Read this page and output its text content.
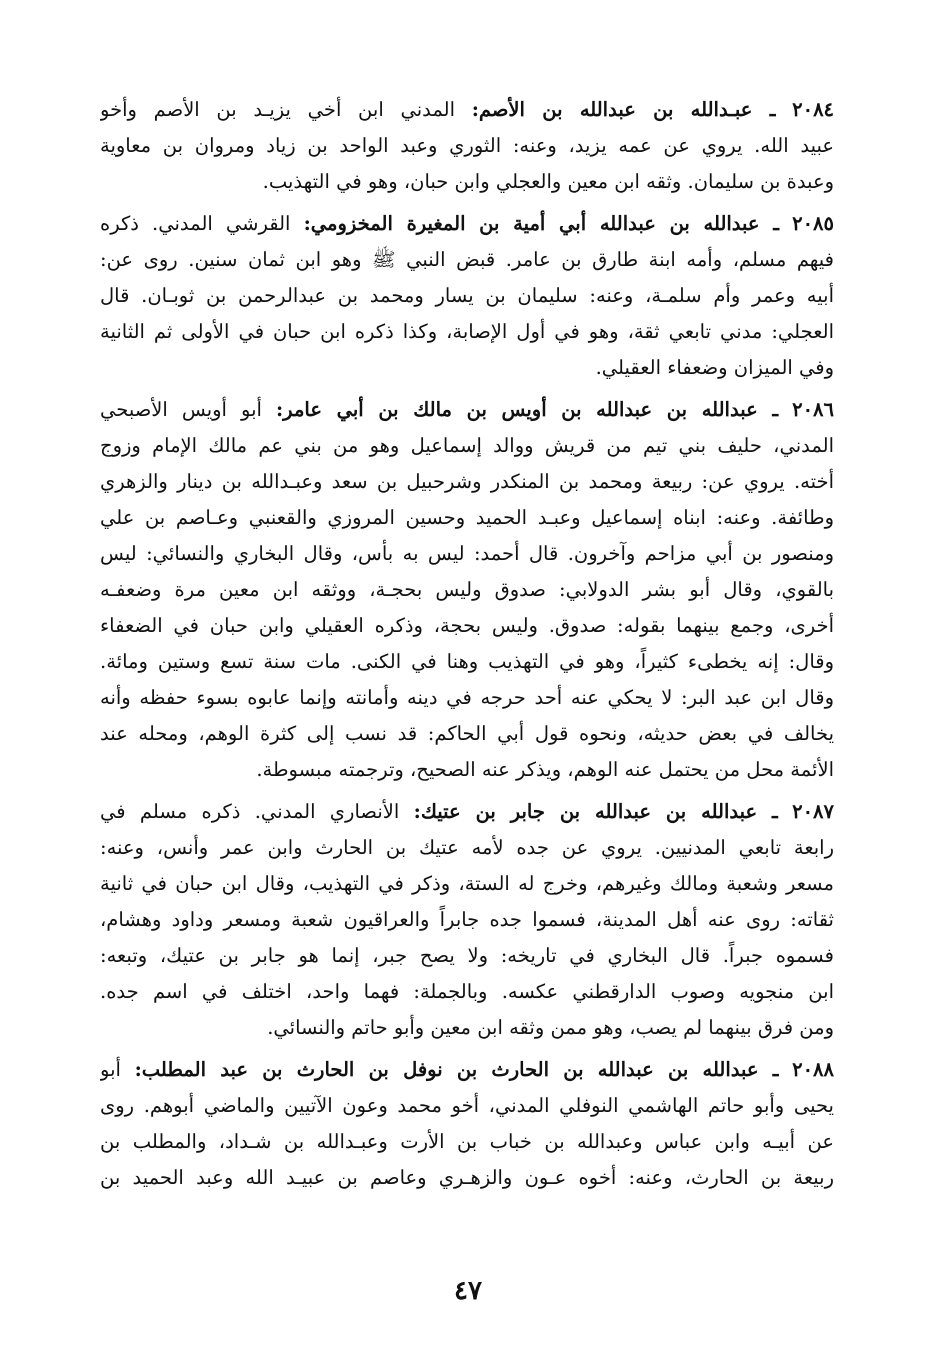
٢٠٨٤ ـ عبـدالله بن عبدالله بن الأصم: المدني ابن أخي يزيـد بن الأصم وأخو
عبيد الله. يروي عن عمه يزيد، وعنه: الثوري وعبد الواحد بن زياد ومروان بن معاوية
وعبدة بن سليمان. وثقه ابن معين والعجلي وابن حبان، وهو في التهذيب.
٢٠٨٥ ـ عبدالله بن عبدالله أبي أمية بن المغيرة المخزومي: القرشي المدني. ذكره
فيهم مسلم، وأمه ابنة طارق بن عامر. قبض النبي ﷺ وهو ابن ثمان سنين. روى عن:
أبيه وعمر وأم سلمـة، وعنه: سليمان بن يسار ومحمد بن عبدالرحمن بن ثوبـان. قال
العجلي: مدني تابعي ثقة، وهو في أول الإصابة، وكذا ذكره ابن حبان في الأولى ثم الثانية
وفي الميزان وضعفاء العقيلي.
٢٠٨٦ ـ عبدالله بن عبدالله بن أويس بن مالك بن أبي عامر: أبو أويس الأصبحي
المدني، حليف بني تيم من قريش ووالد إسماعيل وهو من بني عم مالك الإمام وزوج
أخته. يروي عن: ربيعة ومحمد بن المنكدر وشرحبيل بن سعد وعبـدالله بن دينار والزهري
وطائفة. وعنه: ابناه إسماعيل وعبـد الحميد وحسين المروزي والقعنبي وعـاصم بن علي
ومنصور بن أبي مزاحم وآخرون. قال أحمد: ليس به بأس، وقال البخاري والنسائي: ليس
بالقوي، وقال أبو بشر الدولابي: صدوق وليس بحجـة، ووثقه ابن معين مرة وضعفـه
أخرى، وجمع بينهما بقوله: صدوق. وليس بحجة، وذكره العقيلي وابن حبان في الضعفاء
وقال: إنه يخطىء كثيراً، وهو في التهذيب وهنا في الكنى. مات سنة تسع وستين ومائة.
وقال ابن عبد البر: لا يحكي عنه أحد حرجه في دينه وأمانته وإنما عابوه بسوء حفظه وأنه
يخالف في بعض حديثه، ونحوه قول أبي الحاكم: قد نسب إلى كثرة الوهم، ومحله عند
الأئمة محل من يحتمل عنه الوهم، ويذكر عنه الصحيح، وترجمته مبسوطة.
٢٠٨٧ ـ عبدالله بن عبدالله بن جابر بن عتيك: الأنصاري المدني. ذكره مسلم في
رابعة تابعي المدنيين. يروي عن جده لأمه عتيك بن الحارث وابن عمر وأنس، وعنه:
مسعر وشعبة ومالك وغيرهم، وخرج له الستة، وذكر في التهذيب، وقال ابن حبان في ثانية
ثقاته: روى عنه أهل المدينة، فسموا جده جابراً والعراقيون شعبة ومسعر وداود وهشام،
فسموه جبراً. قال البخاري في تاريخه: ولا يصح جبر، إنما هو جابر بن عتيك، وتبعه:
ابن منجويه وصوب الدارقطني عكسه. وبالجملة: فهما واحد، اختلف في اسم جده.
ومن فرق بينهما لم يصب، وهو ممن وثقه ابن معين وأبو حاتم والنسائي.
٢٠٨٨ ـ عبدالله بن عبدالله بن الحارث بن نوفل بن الحارث بن عبد المطلب: أبو
يحيى وأبو حاتم الهاشمي النوفلي المدني، أخو محمد وعون الآتيين والماضي أبوهم. روى
عن أبيـه وابن عباس وعبدالله بن خباب بن الأرت وعبـدالله بن شـداد، والمطلب بن
ربيعة بن الحارث، وعنه: أخوه عـون والزهـري وعاصم بن عبيـد الله وعبد الحميد بن
٤٧
